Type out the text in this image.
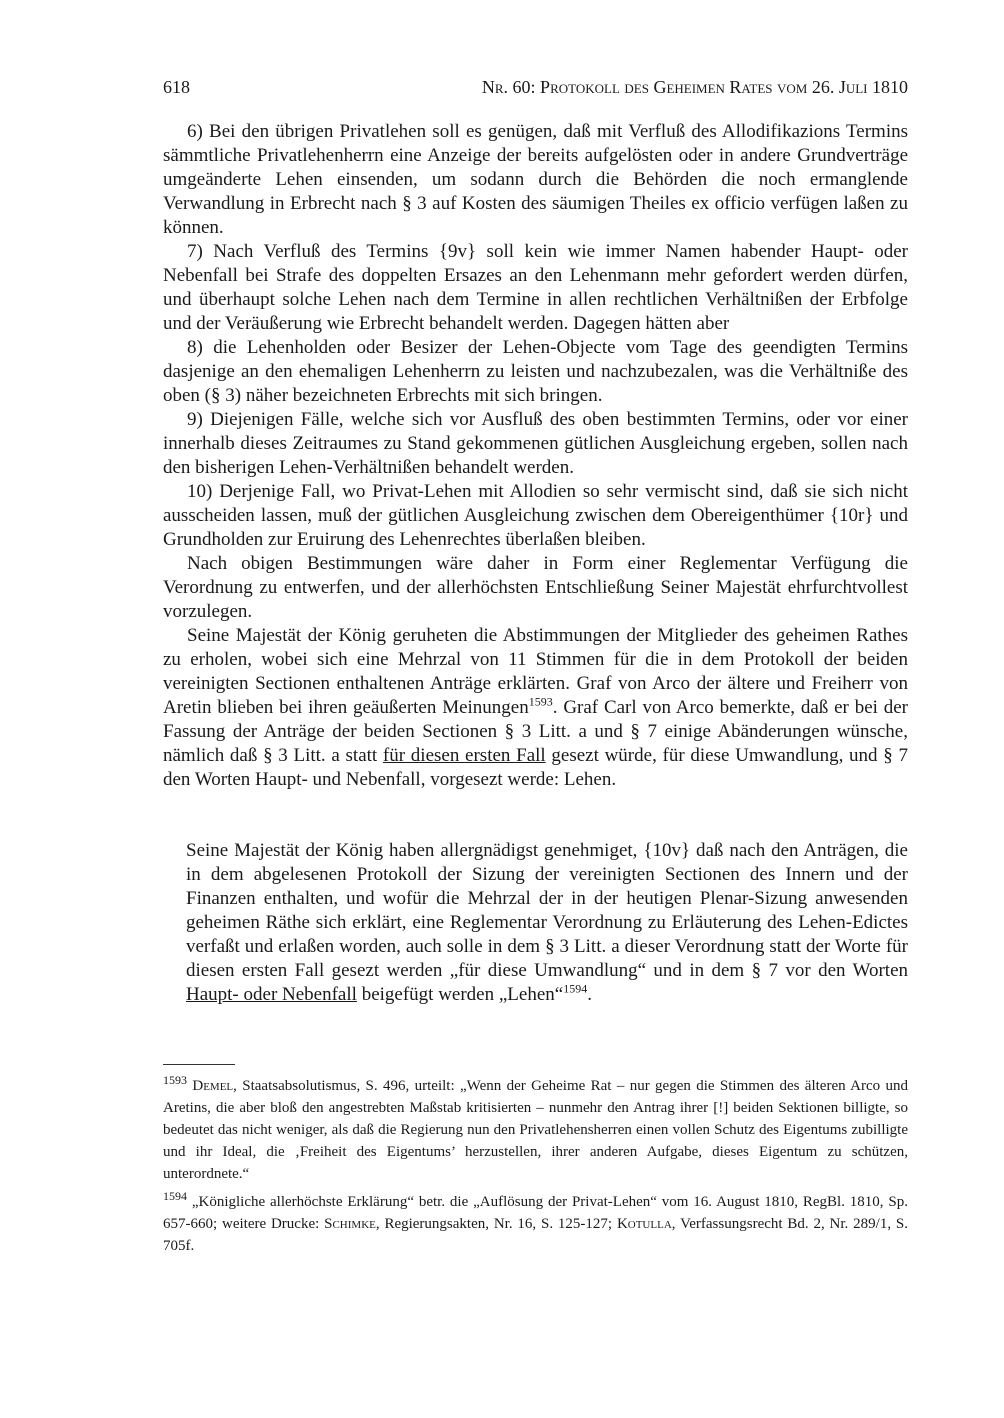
618	Nr. 60: Protokoll des Geheimen Rates vom 26. Juli 1810

6) Bei den übrigen Privatlehen soll es genügen, daß mit Verfluß des Allodifikazions Termins sämmtliche Privatlehenherrn eine Anzeige der bereits aufgelösten oder in andere Grundverträge umgeänderte Lehen einsenden, um sodann durch die Behörden die noch ermanglende Verwandlung in Erbrecht nach § 3 auf Kosten des säumigen Theiles ex officio verfügen laßen zu können.

7) Nach Verfluß des Termins {9v} soll kein wie immer Namen habender Haupt- oder Nebenfall bei Strafe des doppelten Ersazes an den Lehenmann mehr gefordert werden dürfen, und überhaupt solche Lehen nach dem Termine in allen rechtlichen Verhältnißen der Erbfolge und der Veräußerung wie Erbrecht behandelt werden. Dagegen hätten aber

8) die Lehenholden oder Besizer der Lehen-Objecte vom Tage des geendigten Termins dasjenige an den ehemaligen Lehenherrn zu leisten und nachzubezalen, was die Verhältniße des oben (§ 3) näher bezeichneten Erbrechts mit sich bringen.

9) Diejenigen Fälle, welche sich vor Ausfluß des oben bestimmten Termins, oder vor einer innerhalb dieses Zeitraumes zu Stand gekommenen gütlichen Ausgleichung ergeben, sollen nach den bisherigen Lehen-Verhältnißen behandelt werden.

10) Derjenige Fall, wo Privat-Lehen mit Allodien so sehr vermischt sind, daß sie sich nicht ausscheiden lassen, muß der gütlichen Ausgleichung zwischen dem Obereigenthümer {10r} und Grundholden zur Eruirung des Lehenrechtes überlaßen bleiben.

Nach obigen Bestimmungen wäre daher in Form einer Reglementar Verfügung die Verordnung zu entwerfen, und der allerhöchsten Entschließung Seiner Majestät ehrfurchtvollest vorzulegen.

Seine Majestät der König geruheten die Abstimmungen der Mitglieder des geheimen Rathes zu erholen, wobei sich eine Mehrzal von 11 Stimmen für die in dem Protokoll der beiden vereinigten Sectionen enthaltenen Anträge erklärten. Graf von Arco der ältere und Freiherr von Aretin blieben bei ihren geäußerten Meinungen$^{1593}$. Graf Carl von Arco bemerkte, daß er bei der Fassung der Anträge der beiden Sectionen § 3 Litt. a und § 7 einige Abänderungen wünsche, nämlich daß § 3 Litt. a statt für diesen ersten Fall gesezt würde, für diese Umwandlung, und § 7 den Worten Haupt- und Nebenfall, vorgesezt werde: Lehen.

Seine Majestät der König haben allergnädigst genehmiget, {10v} daß nach den Anträgen, die in dem abgelesenen Protokoll der Sizung der vereinigten Sectionen des Innern und der Finanzen enthalten, und wofür die Mehrzal der in der heutigen Plenar-Sizung anwesenden geheimen Räthe sich erklärt, eine Reglementar Verordnung zu Erläuterung des Lehen-Edictes verfaßt und erlaßen worden, auch solle in dem § 3 Litt. a dieser Verordnung statt der Worte für diesen ersten Fall gesezt werden „für diese Umwandlung“ und in dem § 7 vor den Worten Haupt- oder Nebenfall beigefügt werden „Lehen“$^{1594}$.

$^{1593}$ Demel, Staatsabsolutismus, S. 496, urteilt: „Wenn der Geheime Rat – nur gegen die Stimmen des älteren Arco und Aretins, die aber bloß den angestrebten Maßstab kritisierten – nunmehr den Antrag ihrer [!] beiden Sektionen billigte, so bedeutet das nicht weniger, als daß die Regierung nun den Privatlehensherren einen vollen Schutz des Eigentums zubilligte und ihr Ideal, die ‚Freiheit des Eigentums’ herzustellen, ihrer anderen Aufgabe, dieses Eigentum zu schützen, unterordnete.“

$^{1594}$ „Königliche allerhöchste Erklärung“ betr. die „Auflösung der Privat-Lehen“ vom 16. August 1810, RegBl. 1810, Sp. 657-660; weitere Drucke: Schimke, Regierungsakten, Nr. 16, S. 125-127; Kotulla, Verfassungsrecht Bd. 2, Nr. 289/1, S. 705f.
